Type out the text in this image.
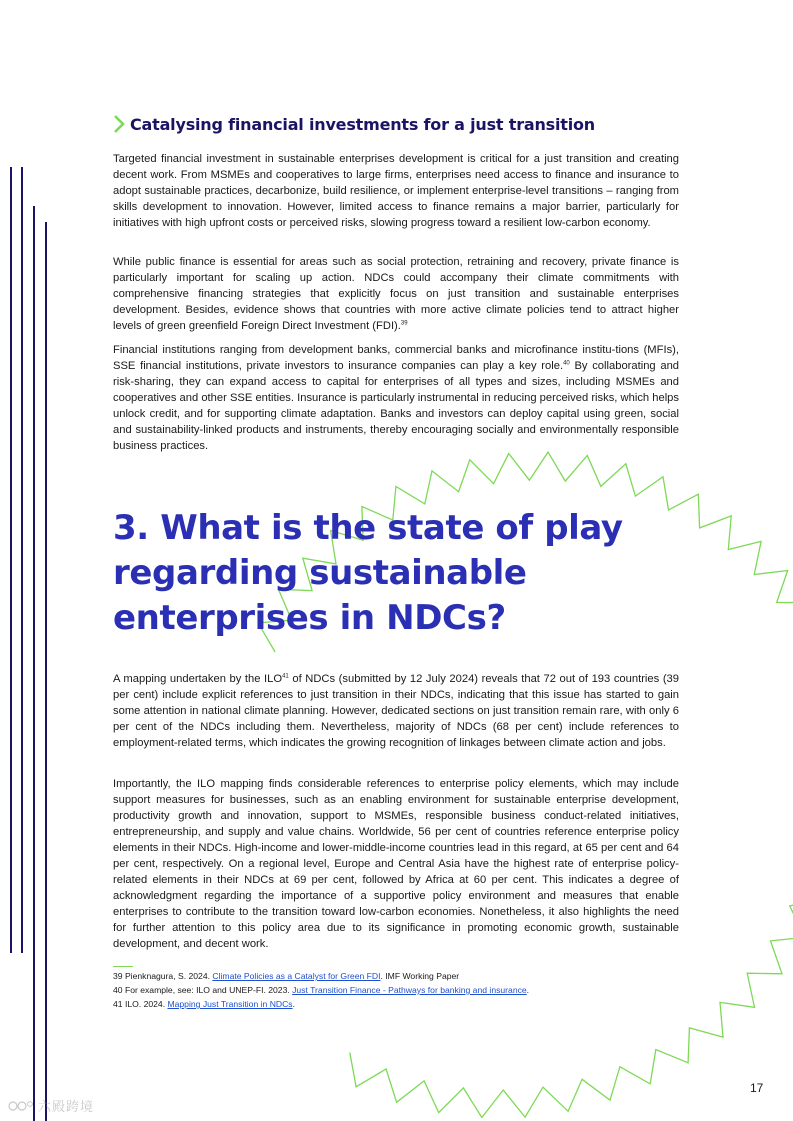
Catalysing financial investments for a just transition

Targeted financial investment in sustainable enterprises development is critical for a just transition and creating decent work. From MSMEs and cooperatives to large firms, enterprises need access to finance and insurance to adopt sustainable practices, decarbonize, build resilience, or implement enterprise-level transitions – ranging from skills development to innovation. However, limited access to finance remains a major barrier, particularly for initiatives with high upfront costs or perceived risks, slowing progress toward a resilient low-carbon economy.

While public finance is essential for areas such as social protection, retraining and recovery, private finance is particularly important for scaling up action. NDCs could accompany their climate commitments with comprehensive financing strategies that explicitly focus on just transition and sustainable enterprises development. Besides, evidence shows that countries with more active climate policies tend to attract higher levels of green greenfield Foreign Direct Investment (FDI).$^{39}$

Financial institutions ranging from development banks, commercial banks and microfinance institu-tions (MFIs), SSE financial institutions, private investors to insurance companies can play a key role.$^{40}$ By collaborating and risk-sharing, they can expand access to capital for enterprises of all types and sizes, including MSMEs and cooperatives and other SSE entities. Insurance is particularly instrumental in reducing perceived risks, which helps unlock credit, and for supporting climate adaptation. Banks and investors can deploy capital using green, social and sustainability-linked products and instruments, thereby encouraging socially and environmentally responsible business practices.

3. What is the state of play regarding sustainable enterprises in NDCs?

A mapping undertaken by the ILO$^{41}$ of NDCs (submitted by 12 July 2024) reveals that 72 out of 193 countries (39 per cent) include explicit references to just transition in their NDCs, indicating that this issue has started to gain some attention in national climate planning. However, dedicated sections on just transition remain rare, with only 6 per cent of the NDCs including them. Nevertheless, majority of NDCs (68 per cent) include references to employment-related terms, which indicates the growing recognition of linkages between climate action and jobs.

Importantly, the ILO mapping finds considerable references to enterprise policy elements, which may include support measures for businesses, such as an enabling environment for sustainable enterprise development, productivity growth and innovation, support to MSMEs, responsible business conduct-related initiatives, entrepreneurship, and supply and value chains. Worldwide, 56 per cent of countries reference enterprise policy elements in their NDCs. High-income and lower-middle-income countries lead in this regard, at 65 per cent and 64 per cent, respectively. On a regional level, Europe and Central Asia have the highest rate of enterprise policy-related elements in their NDCs at 69 per cent, followed by Africa at 60 per cent. This indicates a degree of acknowledgment regarding the importance of a supportive policy environment and measures that enable enterprises to contribute to the transition toward low-carbon economies. Nonetheless, it also highlights the need for further attention to this policy area due to its significance in promoting economic growth, sustainable development, and decent work.

39 Pienknagura, S. 2024. Climate Policies as a Catalyst for Green FDI. IMF Working Paper

40 For example, see: ILO and UNEP-FI. 2023. Just Transition Finance - Pathways for banking and insurance.

41 ILO. 2024. Mapping Just Transition in NDCs.

17
六殿跨境
